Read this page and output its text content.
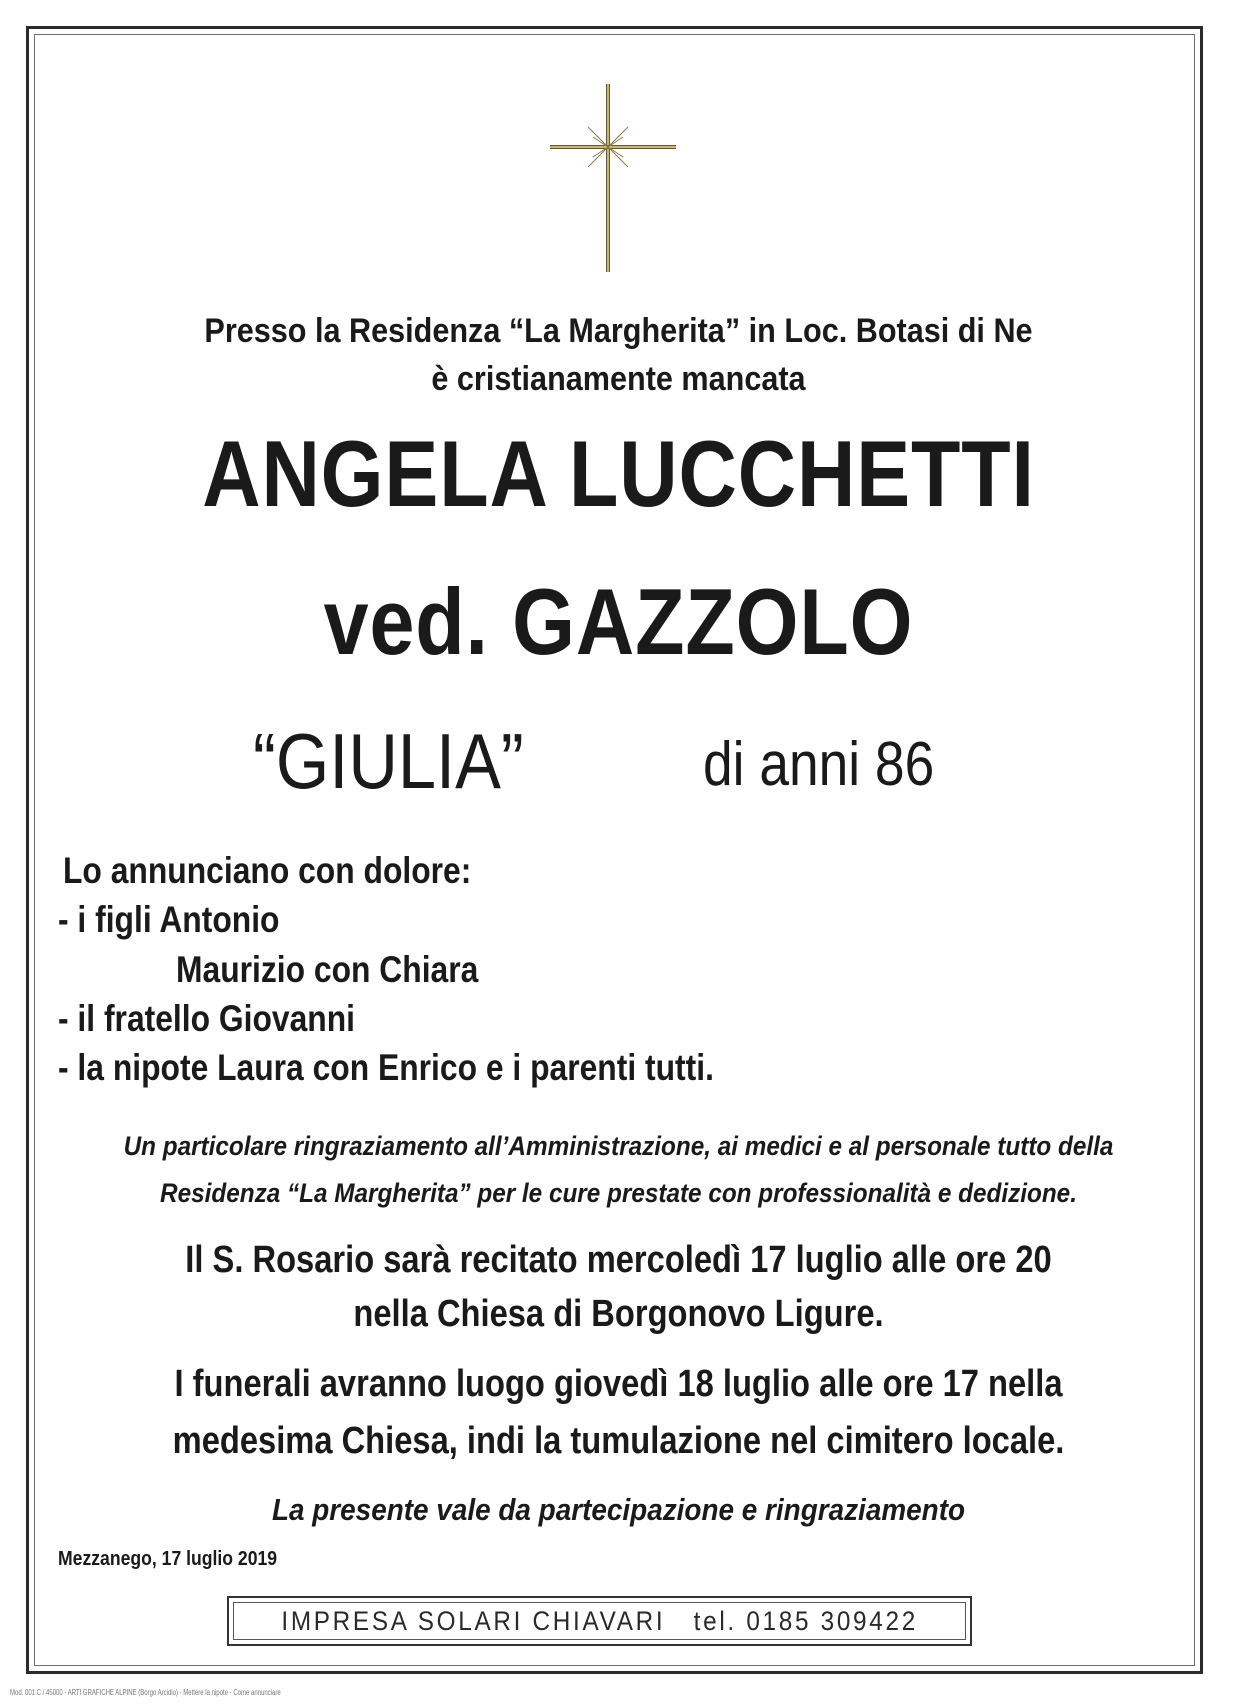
Presso la Residenza “La Margherita” in Loc. Botasi di Ne
è cristianamente mancata
ANGELA LUCCHETTI
ved. GAZZOLO
“GIULIA”	di anni 86
Lo annunciano con dolore:
- i figli Antonio
Maurizio con Chiara
- il fratello Giovanni
- la nipote Laura con Enrico e i parenti tutti.
Un particolare ringraziamento all’Amministrazione, ai medici e al personale tutto della
Residenza “La Margherita” per le cure prestate con professionalità e dedizione.
Il S. Rosario sarà recitato mercoledì 17 luglio alle ore 20
nella Chiesa di Borgonovo Ligure.
I funerali avranno luogo giovedì 18 luglio alle ore 17 nella
medesima Chiesa, indi la tumulazione nel cimitero locale.
La presente vale da partecipazione e ringraziamento
Mezzanego, 17 luglio 2019
IMPRESA SOLARI CHIAVARI   tel. 0185 309422
Mod. 001 C / 45000 - ARTI GRAFICHE ALPINE (Borgo Arcidio) - Mettere la nipote - Come annunciare
